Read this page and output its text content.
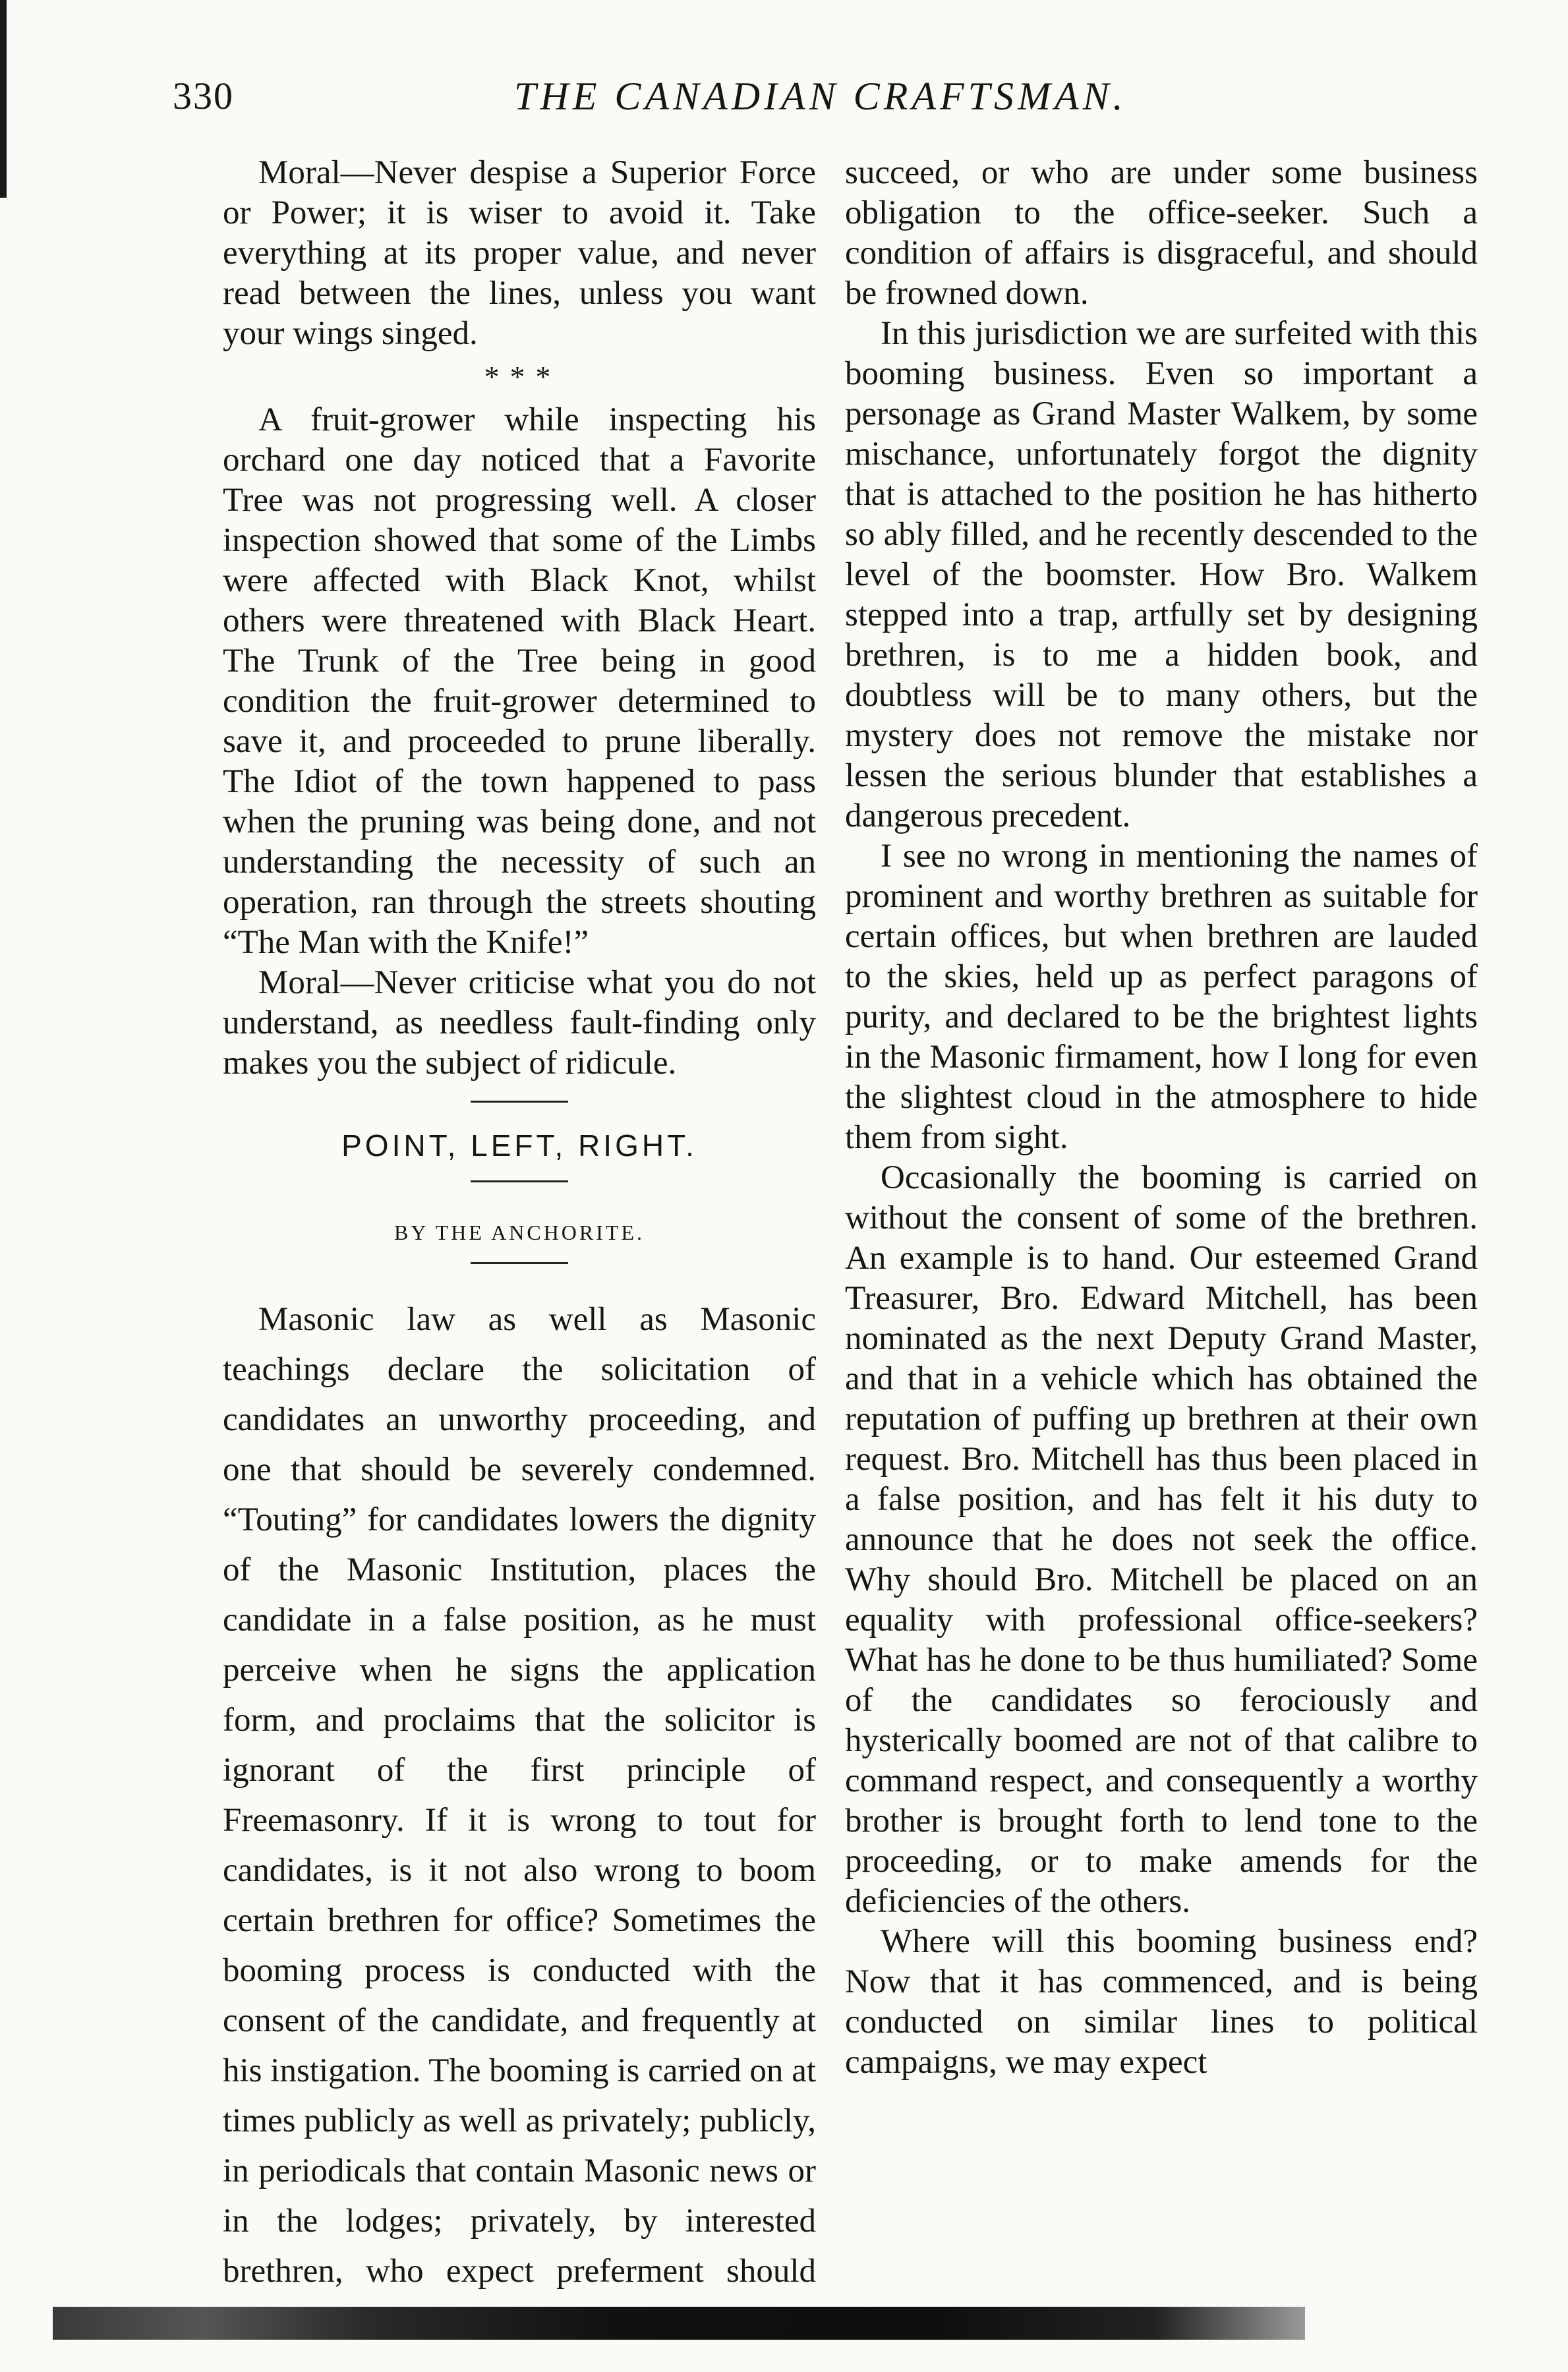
330	THE CANADIAN CRAFTSMAN.

Moral—Never despise a Superior Force or Power; it is wiser to avoid it. Take everything at its proper value, and never read between the lines, unless you want your wings singed.

* * *

A fruit-grower while inspecting his orchard one day noticed that a Favorite Tree was not progressing well. A closer inspection showed that some of the Limbs were affected with Black Knot, whilst others were threatened with Black Heart. The Trunk of the Tree being in good condition the fruit-grower determined to save it, and proceeded to prune liberally. The Idiot of the town happened to pass when the pruning was being done, and not understanding the necessity of such an operation, ran through the streets shouting “The Man with the Knife!”

Moral—Never criticise what you do not understand, as needless fault-finding only makes you the subject of ridicule.

POINT, LEFT, RIGHT.
BY THE ANCHORITE.

Masonic law as well as Masonic teachings declare the solicitation of candidates an unworthy proceeding, and one that should be severely condemned. “Touting” for candidates lowers the dignity of the Masonic Institution, places the candidate in a false position, as he must perceive when he signs the application form, and proclaims that the solicitor is ignorant of the first principle of Freemasonry. If it is wrong to tout for candidates, is it not also wrong to boom certain brethren for office? Sometimes the booming process is conducted with the consent of the candidate, and frequently at his instigation. The booming is carried on at times publicly as well as privately; publicly, in periodicals that contain Masonic news or in the lodges; privately, by interested brethren, who expect preferment should

succeed, or who are under some business obligation to the office-seeker. Such a condition of affairs is disgraceful, and should be frowned down.

In this jurisdiction we are surfeited with this booming business. Even so important a personage as Grand Master Walkem, by some mischance, unfortunately forgot the dignity that is attached to the position he has hitherto so ably filled, and he recently descended to the level of the boomster. How Bro. Walkem stepped into a trap, artfully set by designing brethren, is to me a hidden book, and doubtless will be to many others, but the mystery does not remove the mistake nor lessen the serious blunder that establishes a dangerous precedent.

I see no wrong in mentioning the names of prominent and worthy brethren as suitable for certain offices, but when brethren are lauded to the skies, held up as perfect paragons of purity, and declared to be the brightest lights in the Masonic firmament, how I long for even the slightest cloud in the atmosphere to hide them from sight.

Occasionally the booming is carried on without the consent of some of the brethren. An example is to hand. Our esteemed Grand Treasurer, Bro. Edward Mitchell, has been nominated as the next Deputy Grand Master, and that in a vehicle which has obtained the reputation of puffing up brethren at their own request. Bro. Mitchell has thus been placed in a false position, and has felt it his duty to announce that he does not seek the office. Why should Bro. Mitchell be placed on an equality with professional office-seekers? What has he done to be thus humiliated? Some of the candidates so ferociously and hysterically boomed are not of that calibre to command respect, and consequently a worthy brother is brought forth to lend tone to the proceeding, or to make amends for the deficiencies of the others.

Where will this booming business end? Now that it has commenced, and is being conducted on similar lines to political campaigns, we may expect
